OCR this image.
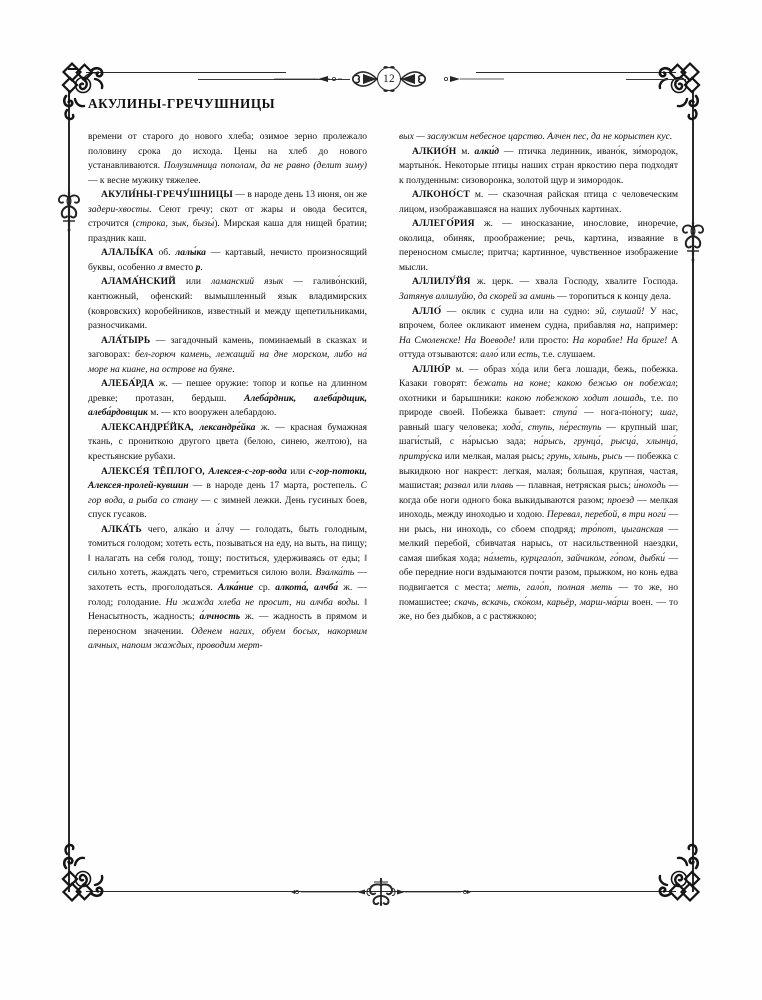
12
АКУЛИНЫ-ГРЕЧУШНИЦЫ

времени от старого до нового хлеба; озимое зерно пролежало половину срока до исхода. Цены на хлеб до нового устанавливаются. Полузимница пополам, да не равно (делит зиму) — к весне мужику тяжелее.

АКУЛИ́НЫ-ГРЕЧУ́ШНИЦЫ — в народе день 13 июня, он же задери-хвосты. Сеют гречу; скот от жары и овода бесится, строчится (строка, зык, бызы́). Мирская каша для нищей братии; праздник каш.

АЛАЛЫ́КА об. лалы́ка — картавый, нечисто произносящий буквы, особенно л вместо р.

АЛАМА́НСКИЙ или ламанский язык — галиво́нский, кантюжный, офенский: вымышленный язык владимирских (ковровских) коробейников, известный и между щепетильниками, разносчиками.

АЛА́ТЫРЬ — загадочный камень, поминаемый в сказках и заговорах: бел-горюч камень, лежащий на дне морском, либо на́ море на киане, на острове на буяне.

АЛЕБА́РДА ж. — пешее оружие: топор и копье на длинном древке; протазан, бердыш. Алеба́рдник, алеба́рдщик, алеба́рдовщик м. — кто вооружен алебардою.

АЛЕКСАНДРЕ́ЙКА, лександре́йка ж. — красная бумажная ткань, с прониткою другого цвета (белою, синею, желтою), на крестьянские рубахи.

АЛЕКСЕ́Я ТЁПЛОГО, Алексея-с-гор-вода или с-гор-потоки, Алексея-пролей-кувшин — в народе день 17 марта, ростепель. С гор вода, а рыба со стану — с зимней лежки. День гусиных боев, спуск гусаков.

АЛКА́ТЬ чего, алка́ю и а́лчу — голодать, быть голодным, томиться голодом; хотеть есть, позываться на еду, на выть, на пищу; ‖ налагать на себя голод, тощу; поститься, удерживаясь от еды; ‖ сильно хотеть, жаждать чего, стремиться силою воли. Взалка́ть — захотеть есть, проголодаться. Алка́ние ср. алкота́, алчба́ ж. — голод; голодание. Ни жажда хлеба не просит, ни алчба воды. ‖ Ненасытность, жадность; а́лчность ж. — жадность в прямом и переносном значении. Оденем нагих, обуем босых, накормим алчных, напоим жаждых, проводим мерт-

вых — заслужим небесное царство. Алчен пес, да не корыстен кус.

АЛКИО́Н м. алки́д — птичка лединник, ивано́к, зи́мородок, мартыно́к. Некоторые птицы наших стран яркостию пера подходят к полуденным: сизоворонка, золотой щур и зимородок.

АЛКОНО́СТ м. — сказочная райская птица с человеческим лицом, изображавшаяся на наших лубочных картинах.

АЛЛЕГО́РИЯ ж. — иносказание, инословие, иноречие, околица, обиняк, проображение; речь, картина, изваяние в переносном смысле; притча; картинное, чувственное изображение мысли.

АЛЛИЛУ́ЙЯ ж. церк. — хвала Господу, хвалите Господа. Затянув аллилуйю, да скорей за аминь — торопиться к концу дела.

АЛЛО́ — оклик с судна или на судно: эй, слушай! У нас, впрочем, более окликают именем судна, прибавляя на, например: На Смоленске! На Воеводе! или просто: На корабле! На бриге! А оттуда отзываются: алло́ или есть, т.е. слушаем.

АЛЛЮ́Р м. — образ хо́да или бега лошади, бежь, побежка. Казаки говорят: бежать на коне; какою бежью он побежал; охотники и барышники: какою побежкою ходит лошадь, т.е. по природе своей. Побежка бывает: ступа́ — нога-по́ногу; шаг, равный шагу человека; хода́, ступь, пе́реступь — крупный шаг, шаги́стый, с на́рысью зада; на́рысь, грунца́, рысца́, хлынца́, притру́ска или мелкая, малая рысь; грунь, хлынь, рысь — побежка с выкидкою ног накрест: легкая, малая; большая, крупная, частая, машистая; развал или плавь — плавная, нетряская рысь; и́ноходь — когда обе ноги одного бока выкидываются разом; проезд — мелкая иноходь, между иноходью и ходою. Перевал, перебой, в три ноги́ — ни рысь, ни иноходь, со сбоем сподряд; тро́пот, цыганская — мелкий перебой, сбивчатая нарысь, от насильственной наездки, самая шибкая хода; на́меть, курцгало́п, зайчиком, го́пом, дыбки́ — обе передние ноги вздымаются почти разом, прыжком, но конь едва подвигается с места; меть, гало́п, полная меть — то же, но помашистее; скачь, вскачь, ско́ком, карьёр, марш-ма́рш воен. — то же, но без дыбков, а с растяжкою;
